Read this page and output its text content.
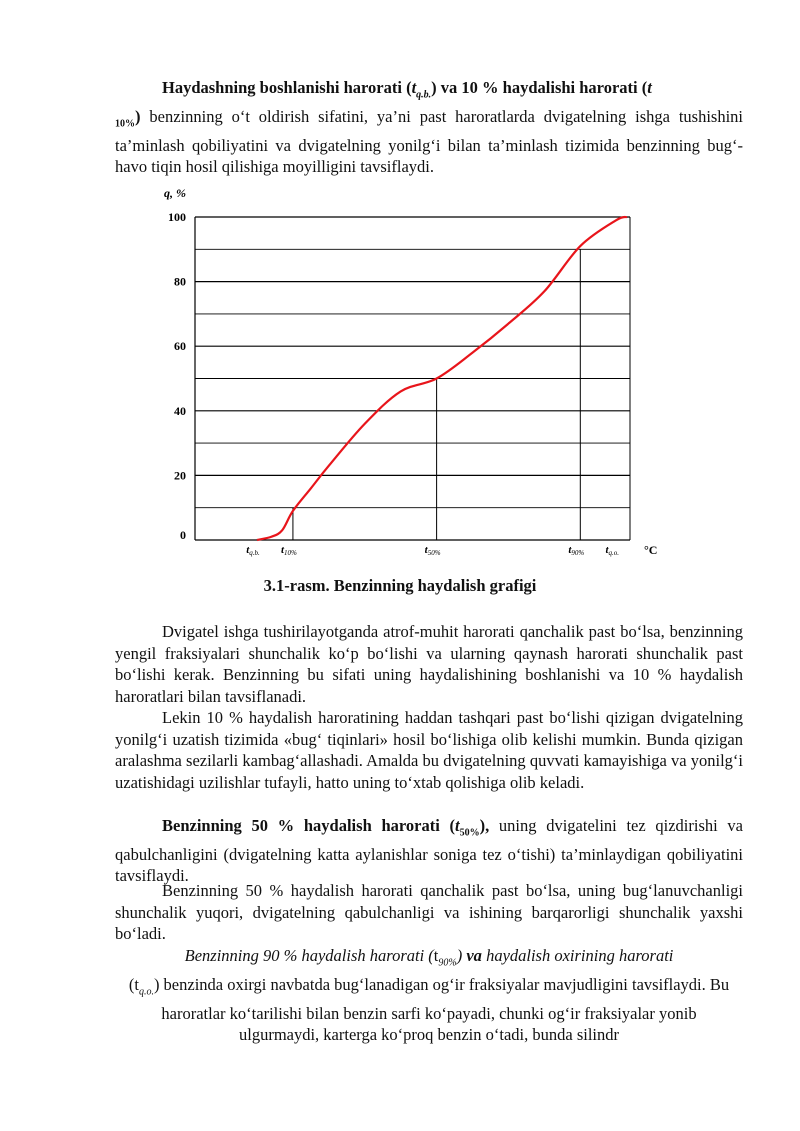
Haydashning boshlanishi harorati $(t_{q.b.})$ va 10 % haydalishi harorati (t
$_{10\%}$) benzinning o‘t oldirish sifatini, ya’ni past haroratlarda dvigatelning ishga tushishini ta’minlash qobiliyatini va dvigatelning yonilg‘i bilan ta’minlash tizimida benzinning bug‘-havo tiqin hosil qilishiga moyilligini tavsiflaydi.
0
20
40
60
80
100
tq.b. t10%	t50%	t90% tq.o.
q, %
°C
3.1-rasm. Benzinning haydalish grafigi
Dvigatel ishga tushirilayotganda atrof-muhit harorati qanchalik past bo‘lsa, benzinning yengil fraksiyalari shunchalik ko‘p bo‘lishi va ularning qaynash harorati shunchalik past bo‘lishi kerak. Benzinning bu sifati uning haydalishining boshlanishi va 10 % haydalish haroratlari bilan tavsiflanadi.
Lekin 10 % haydalish haroratining haddan tashqari past bo‘lishi qizigan dvigatelning yonilg‘i uzatish tizimida «bug‘ tiqinlari» hosil bo‘lishiga olib kelishi mumkin. Bunda qizigan aralashma sezilarli kambag‘allashadi. Amalda bu dvigatelning quvvati kamayishiga va yonilg‘i uzatishidagi uzilishlar tufayli, hatto uning to‘xtab qolishiga olib keladi.
Benzinning 50 % haydalish harorati $(t_{50\%})$, uning dvigatelini tez qizdirishi va qabulchanligini (dvigatelning katta aylanishlar soniga tez o‘tishi) ta’minlaydigan qobiliyatini tavsiflaydi.
Benzinning 50 % haydalish harorati qanchalik past bo‘lsa, uning bug‘lanuvchanligi shunchalik yuqori, dvigatelning qabulchanligi va ishining barqarorligi shunchalik yaxshi bo‘ladi.
Benzinning 90 % haydalish harorati $(t_{90\%})$ va haydalish oxirining harorati
$(t_{q.o.})$ benzinda oxirgi navbatda bug‘lanadigan og‘ir fraksiyalar mavjudligini tavsiflaydi. Bu haroratlar ko‘tarilishi bilan benzin sarfi ko‘payadi, chunki og‘ir fraksiyalar yonib ulgurmaydi, karterga ko‘proq benzin o‘tadi, bunda silindr
